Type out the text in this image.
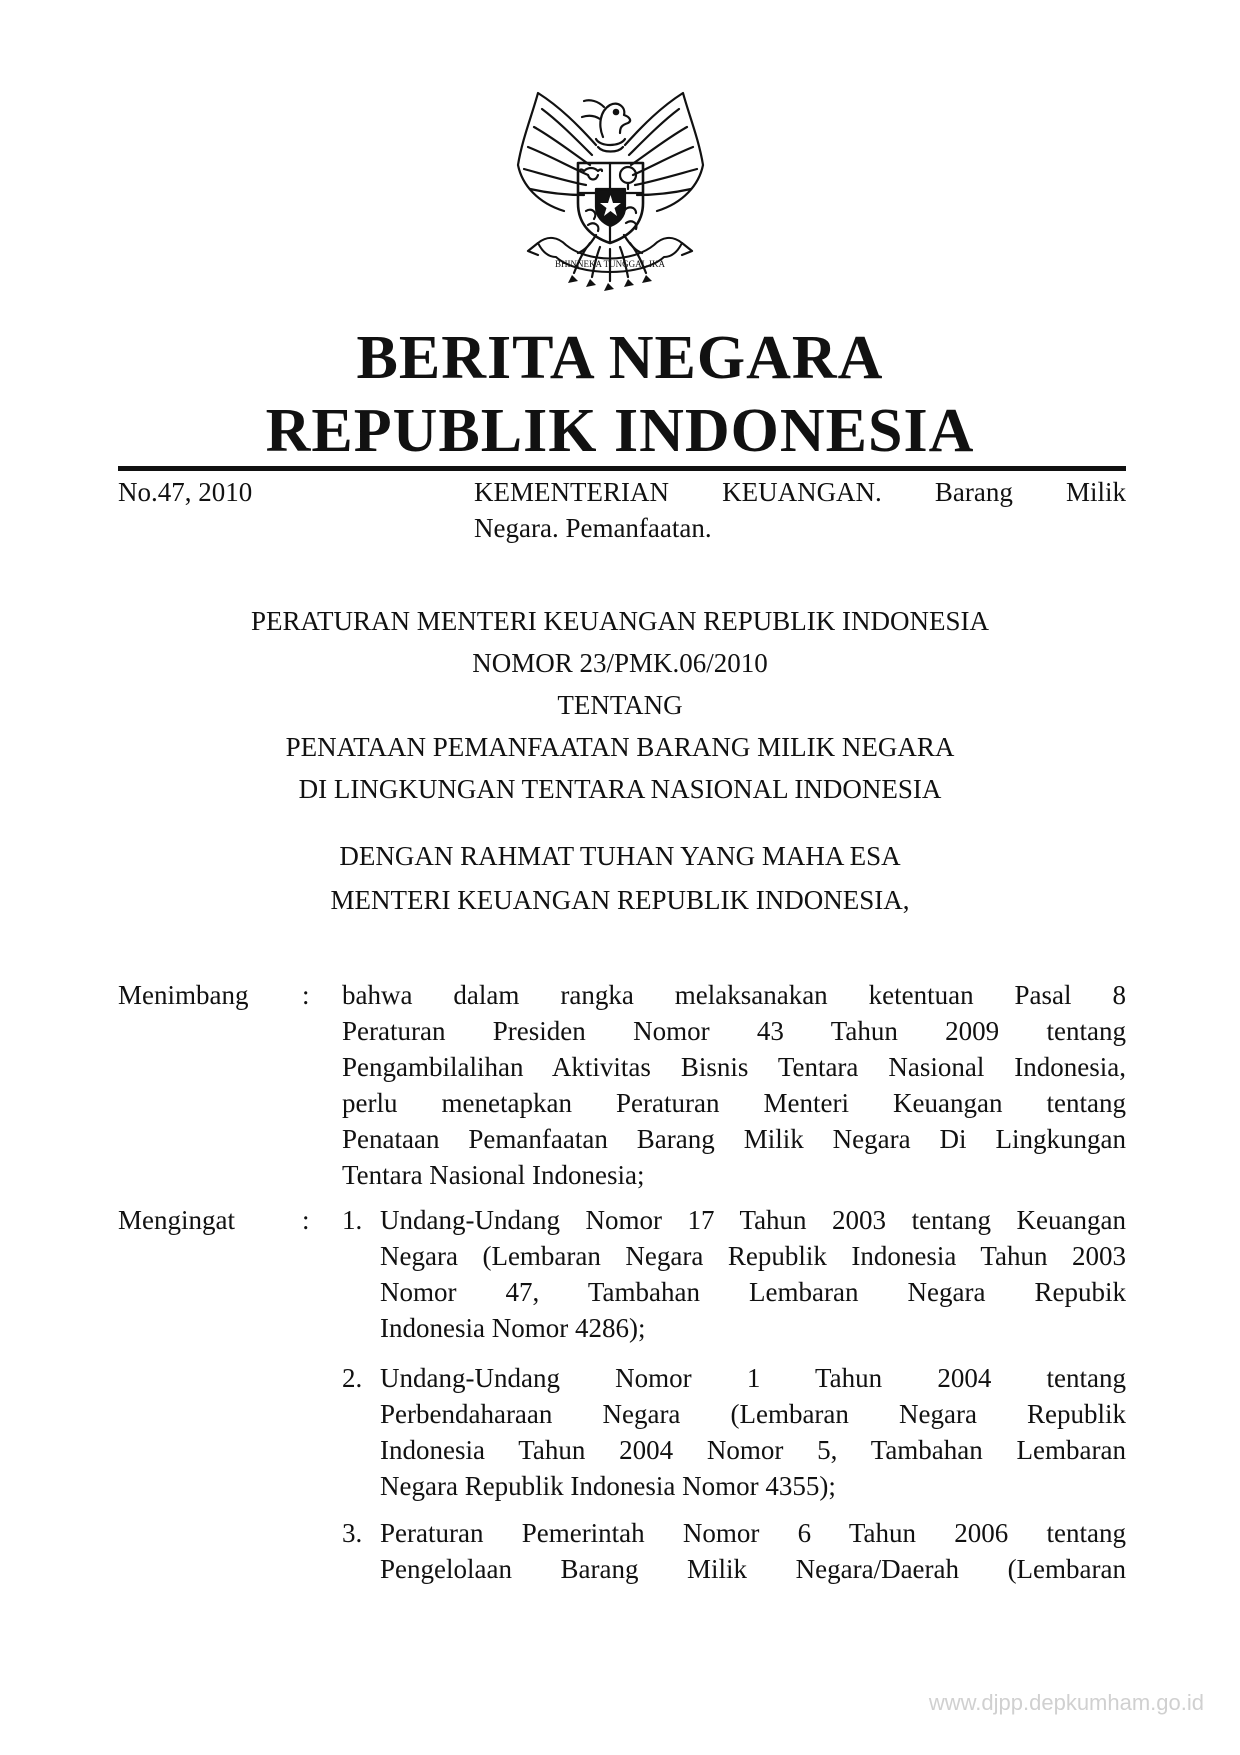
BHINNEKA TUNGGAL IKA
BERITA NEGARA
REPUBLIK INDONESIA
No.47, 2010	KEMENTERIAN KEUANGAN. Barang Milik
Negara. Pemanfaatan.
PERATURAN MENTERI KEUANGAN REPUBLIK INDONESIA
NOMOR 23/PMK.06/2010
TENTANG
PENATAAN PEMANFAATAN BARANG MILIK NEGARA
DI LINGKUNGAN TENTARA NASIONAL INDONESIA
DENGAN RAHMAT TUHAN YANG MAHA ESA
MENTERI KEUANGAN REPUBLIK INDONESIA,
Menimbang : bahwa dalam rangka melaksanakan ketentuan Pasal 8
Peraturan Presiden Nomor 43 Tahun 2009 tentang
Pengambilalihan Aktivitas Bisnis Tentara Nasional Indonesia,
perlu menetapkan Peraturan Menteri Keuangan tentang
Penataan Pemanfaatan Barang Milik Negara Di Lingkungan
Tentara Nasional Indonesia;
Mengingat : 1. Undang-Undang Nomor 17 Tahun 2003 tentang Keuangan
Negara (Lembaran Negara Republik Indonesia Tahun 2003
Nomor 47, Tambahan Lembaran Negara Repubik
Indonesia Nomor 4286);
2. Undang-Undang Nomor 1 Tahun 2004 tentang
Perbendaharaan Negara (Lembaran Negara Republik
Indonesia Tahun 2004 Nomor 5, Tambahan Lembaran
Negara Republik Indonesia Nomor 4355);
3. Peraturan Pemerintah Nomor 6 Tahun 2006 tentang
Pengelolaan Barang Milik Negara/Daerah (Lembaran
www.djpp.depkumham.go.id
